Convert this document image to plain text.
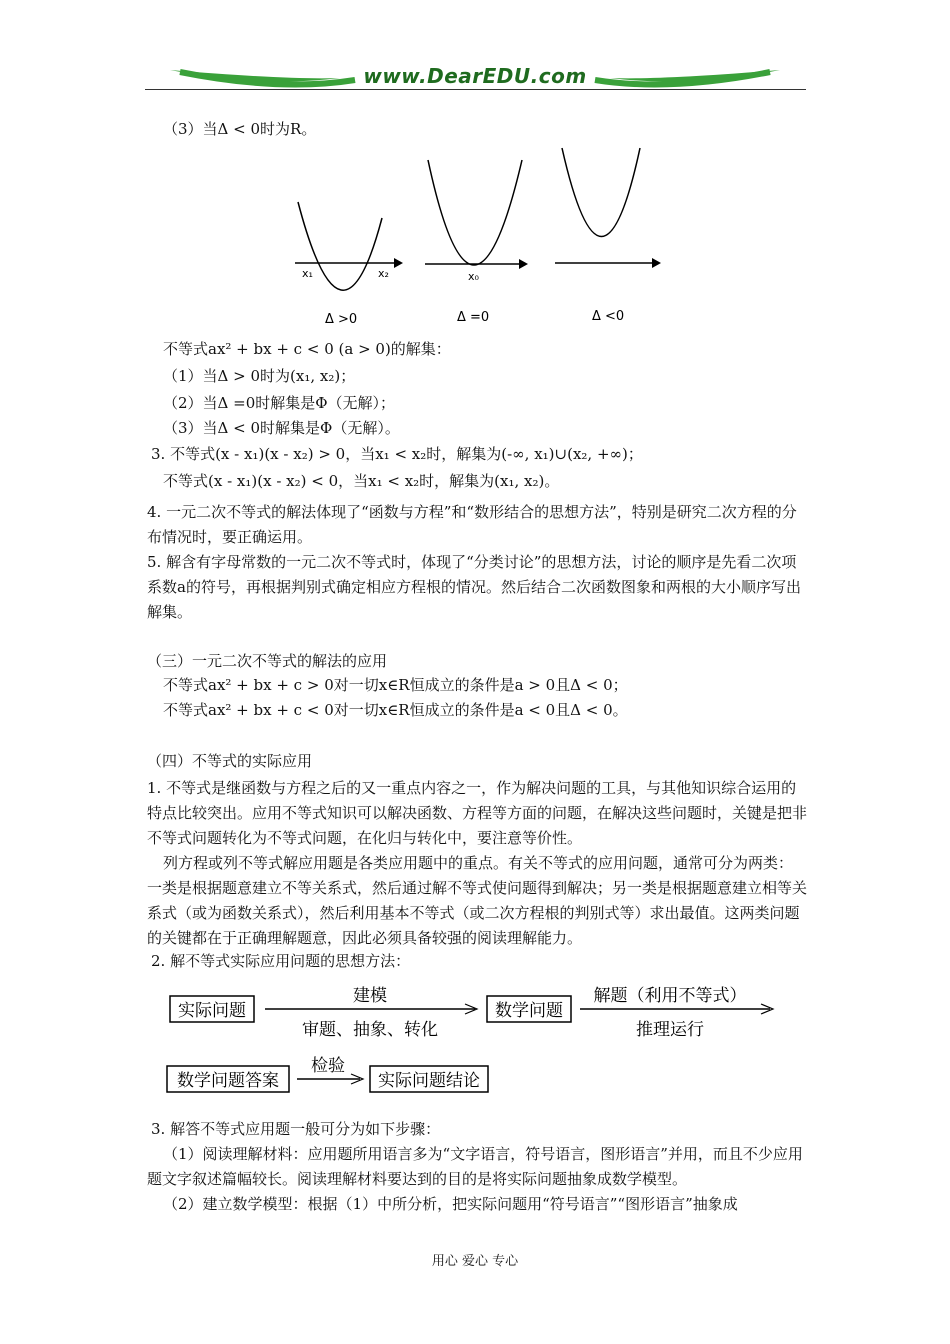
www.DearEDU.com
（3）当Δ < 0时为R。
x₁	x₂	x₀
Δ >0	Δ =0	Δ <0
不等式ax² + bx + c < 0 (a > 0)的解集：
（1）当Δ > 0时为(x₁, x₂)；
（2）当Δ =0时解集是Φ（无解）；
（3）当Δ < 0时解集是Φ（无解）。
3. 不等式(x - x₁)(x - x₂) > 0，当x₁ < x₂时，解集为(-∞, x₁)∪(x₂, +∞)；
不等式(x - x₁)(x - x₂) < 0，当x₁ < x₂时，解集为(x₁, x₂)。
4. 一元二次不等式的解法体现了“函数与方程”和“数形结合的思想方法”，特别是研究二次方程的分布情况时，要正确运用。
5. 解含有字母常数的一元二次不等式时，体现了“分类讨论”的思想方法，讨论的顺序是先看二次项系数a的符号，再根据判别式确定相应方程根的情况。然后结合二次函数图象和两根的大小顺序写出解集。
（三）一元二次不等式的解法的应用
不等式ax² + bx + c > 0对一切x∈R恒成立的条件是a > 0且Δ < 0；
不等式ax² + bx + c < 0对一切x∈R恒成立的条件是a < 0且Δ < 0。
（四）不等式的实际应用
1. 不等式是继函数与方程之后的又一重点内容之一，作为解决问题的工具，与其他知识综合运用的特点比较突出。应用不等式知识可以解决函数、方程等方面的问题，在解决这些问题时，关键是把非不等式问题转化为不等式问题，在化归与转化中，要注意等价性。
列方程或列不等式解应用题是各类应用题中的重点。有关不等式的应用问题，通常可分为两类：一类是根据题意建立不等关系式，然后通过解不等式使问题得到解决；另一类是根据题意建立相等关系式（或为函数关系式），然后利用基本不等式（或二次方程根的判别式等）求出最值。这两类问题的关键都在于正确理解题意，因此必须具备较强的阅读理解能力。
2. 解不等式实际应用问题的思想方法：
实际问题
建模
审题、抽象、转化
数学问题
解题（利用不等式）
推理运行
数学问题答案
检验
实际问题结论
3. 解答不等式应用题一般可分为如下步骤：
（1）阅读理解材料：应用题所用语言多为“文字语言，符号语言，图形语言”并用，而且不少应用题文字叙述篇幅较长。阅读理解材料要达到的目的是将实际问题抽象成数学模型。
（2）建立数学模型：根据（1）中所分析，把实际问题用“符号语言”“图形语言”抽象成
用心 爱心 专心
